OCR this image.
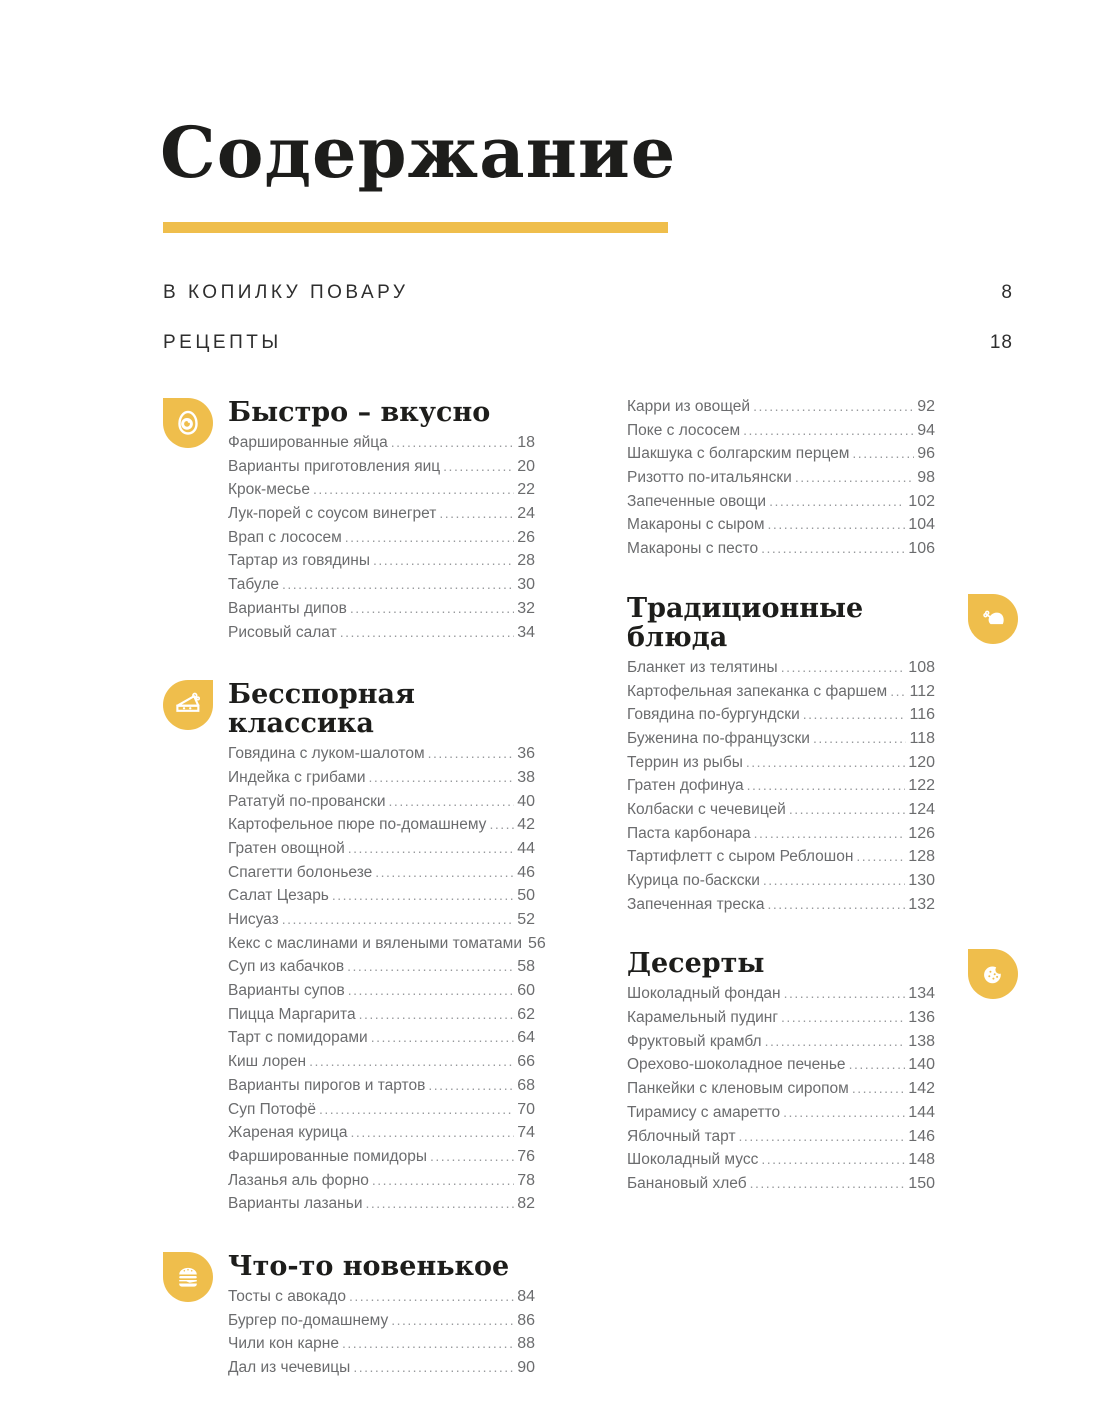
Содержание
В КОПИЛКУ ПОВАРУ	8
РЕЦЕПТЫ	18
Быстро – вкусно
Фаршированные яйца .....	18
Варианты приготовления яиц .....	20
Крок-месье .....	22
Лук-порей с соусом винегрет .....	24
Врап с лососем .....	26
Тартар из говядины .....	28
Табуле .....	30
Варианты дипов .....	32
Рисовый салат .....	34
Бесспорная классика
Говядина с луком-шалотом .....	36
Индейка с грибами .....	38
Рататуй по-провански .....	40
Картофельное пюре по-домашнему ..... 42
Гратен овощной .....	44
Спагетти болоньезе .....	46
Салат Цезарь .....	50
Нисуаз .....	52
Кекс с маслинами и вялеными томатами 56
Суп из кабачков .....	58
Варианты супов .....	60
Пицца Маргарита .....	62
Тарт с помидорами .....	64
Киш лорен .....	66
Варианты пирогов и тартов .....	68
Суп Потофё .....	70
Жареная курица .....	74
Фаршированные помидоры .....	76
Лазанья аль форно .....	78
Варианты лазаньи .....	82
Что-то новенькое
Тосты с авокадо .....	84
Бургер по-домашнему .....	86
Чили кон карне .....	88
Дал из чечевицы .....	90
Карри из овощей .....	92
Поке с лососем .....	94
Шакшука с болгарским перцем .....	96
Ризотто по-итальянски .....	98
Запеченные овощи .....	102
Макароны с сыром .....	104
Макароны с песто .....	106
Традиционные блюда
Бланкет из телятины .....	108
Картофельная запеканка с фаршем ..... 112
Говядина по-бургундски .....	116
Буженина по-французски .....	118
Террин из рыбы .....	120
Гратен дофинуа .....	122
Колбаски с чечевицей .....	124
Паста карбонара .....	126
Тартифлетт с сыром Реблошон .....	128
Курица по-баскски .....	130
Запеченная треска .....	132
Десерты
Шоколадный фондан .....	134
Карамельный пудинг .....	136
Фруктовый крамбл .....	138
Орехово-шоколадное печенье .....	140
Панкейки с кленовым сиропом .....	142
Тирамису с амаретто .....	144
Яблочный тарт .....	146
Шоколадный мусс .....	148
Банановый хлеб .....	150
